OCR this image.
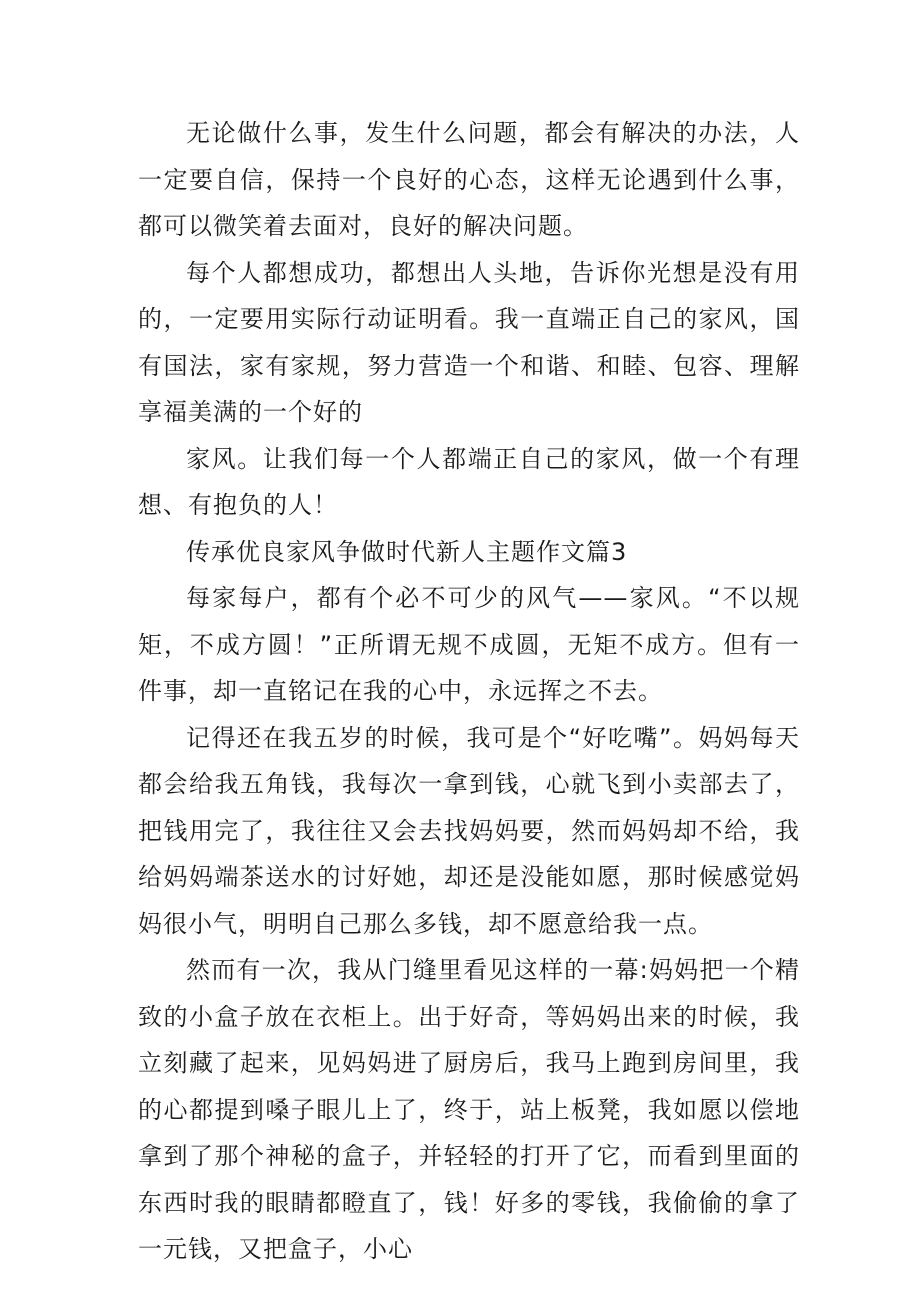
无论做什么事，发生什么问题，都会有解决的办法，人一定要自信，保持一个良好的心态，这样无论遇到什么事，都可以微笑着去面对，良好的解决问题。

每个人都想成功，都想出人头地，告诉你光想是没有用的，一定要用实际行动证明看。我一直端正自己的家风，国有国法，家有家规，努力营造一个和谐、和睦、包容、理解享福美满的一个好的

家风。让我们每一个人都端正自己的家风，做一个有理想、有抱负的人！

传承优良家风争做时代新人主题作文篇3

每家每户，都有个必不可少的风气——家风。“不以规矩，不成方圆！”正所谓无规不成圆，无矩不成方。但有一件事，却一直铭记在我的心中，永远挥之不去。

记得还在我五岁的时候，我可是个“好吃嘴”。妈妈每天都会给我五角钱，我每次一拿到钱，心就飞到小卖部去了，把钱用完了，我往往又会去找妈妈要，然而妈妈却不给，我给妈妈端茶送水的讨好她，却还是没能如愿，那时候感觉妈妈很小气，明明自己那么多钱，却不愿意给我一点。

然而有一次，我从门缝里看见这样的一幕:妈妈把一个精致的小盒子放在衣柜上。出于好奇，等妈妈出来的时候，我立刻藏了起来，见妈妈进了厨房后，我马上跑到房间里，我的心都提到嗓子眼儿上了，终于，站上板凳，我如愿以偿地拿到了那个神秘的盒子，并轻轻的打开了它，而看到里面的东西时我的眼睛都瞪直了，钱！好多的零钱，我偷偷的拿了一元钱，又把盒子，小心
